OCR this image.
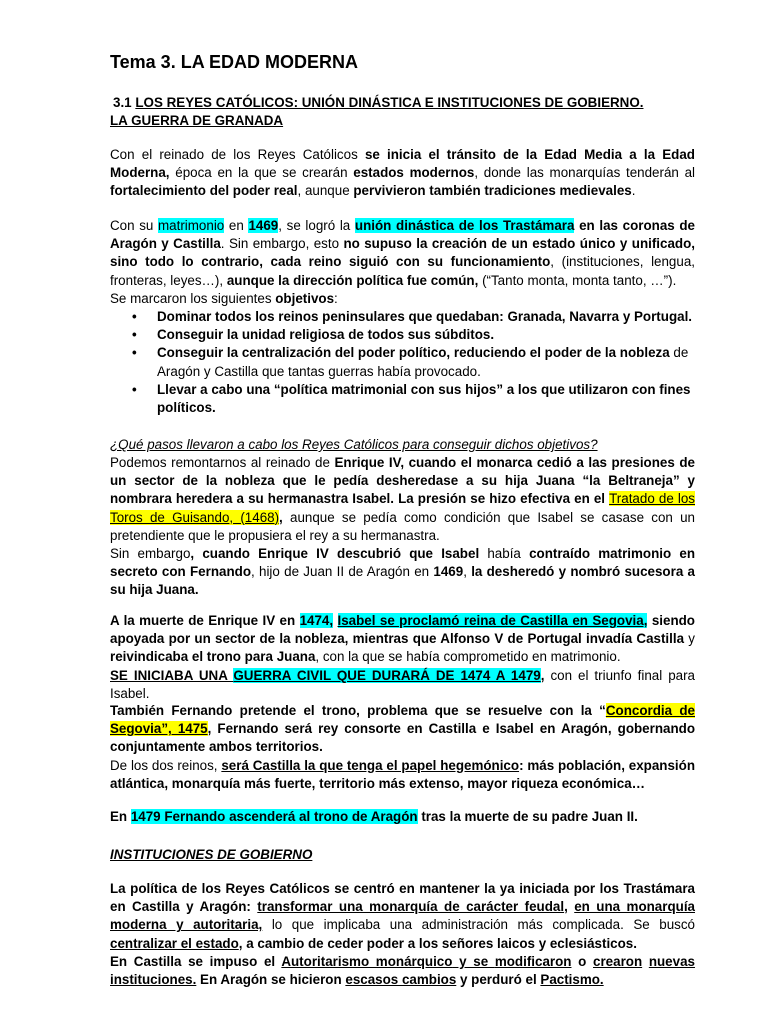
Tema 3. LA EDAD MODERNA

3.1 LOS REYES CATÓLICOS: UNIÓN DINÁSTICA E INSTITUCIONES DE GOBIERNO.
LA GUERRA DE GRANADA

Con el reinado de los Reyes Católicos se inicia el tránsito de la Edad Media a la Edad Moderna, época en la que se crearán estados modernos, donde las monarquías tenderán al fortalecimiento del poder real, aunque pervivieron también tradiciones medievales.

Con su matrimonio en 1469, se logró la unión dinástica de los Trastámara en las coronas de Aragón y Castilla. Sin embargo, esto no supuso la creación de un estado único y unificado, sino todo lo contrario, cada reino siguió con su funcionamiento, (instituciones, lengua, fronteras, leyes…), aunque la dirección política fue común, (“Tanto monta, monta tanto, …”).
Se marcaron los siguientes objetivos:

• Dominar todos los reinos peninsulares que quedaban: Granada, Navarra y Portugal.
• Conseguir la unidad religiosa de todos sus súbditos.
• Conseguir la centralización del poder político, reduciendo el poder de la nobleza de Aragón y Castilla que tantas guerras había provocado.
• Llevar a cabo una “política matrimonial con sus hijos” a los que utilizaron con fines políticos.

¿Qué pasos llevaron a cabo los Reyes Católicos para conseguir dichos objetivos?

Podemos remontarnos al reinado de Enrique IV, cuando el monarca cedió a las presiones de un sector de la nobleza que le pedía desheredase a su hija Juana “la Beltraneja” y nombrara heredera a su hermanastra Isabel. La presión se hizo efectiva en el Tratado de los Toros de Guisando, (1468), aunque se pedía como condición que Isabel se casase con un pretendiente que le propusiera el rey a su hermanastra.
Sin embargo, cuando Enrique IV descubrió que Isabel había contraído matrimonio en secreto con Fernando, hijo de Juan II de Aragón en 1469, la desheredó y nombró sucesora a su hija Juana.

A la muerte de Enrique IV en 1474, Isabel se proclamó reina de Castilla en Segovia, siendo apoyada por un sector de la nobleza, mientras que Alfonso V de Portugal invadía Castilla y reivindicaba el trono para Juana, con la que se había comprometido en matrimonio.
SE INICIABA UNA GUERRA CIVIL QUE DURARÁ DE 1474 A 1479, con el triunfo final para Isabel.

También Fernando pretende el trono, problema que se resuelve con la “Concordia de Segovia”, 1475, Fernando será rey consorte en Castilla e Isabel en Aragón, gobernando conjuntamente ambos territorios.
De los dos reinos, será Castilla la que tenga el papel hegemónico: más población, expansión atlántica, monarquía más fuerte, territorio más extenso, mayor riqueza económica…

En 1479 Fernando ascenderá al trono de Aragón tras la muerte de su padre Juan II.

INSTITUCIONES DE GOBIERNO

La política de los Reyes Católicos se centró en mantener la ya iniciada por los Trastámara en Castilla y Aragón: transformar una monarquía de carácter feudal, en una monarquía moderna y autoritaria, lo que implicaba una administración más complicada. Se buscó centralizar el estado, a cambio de ceder poder a los señores laicos y eclesiásticos.
En Castilla se impuso el Autoritarismo monárquico y se modificaron o crearon nuevas instituciones. En Aragón se hicieron escasos cambios y perduró el Pactismo.
